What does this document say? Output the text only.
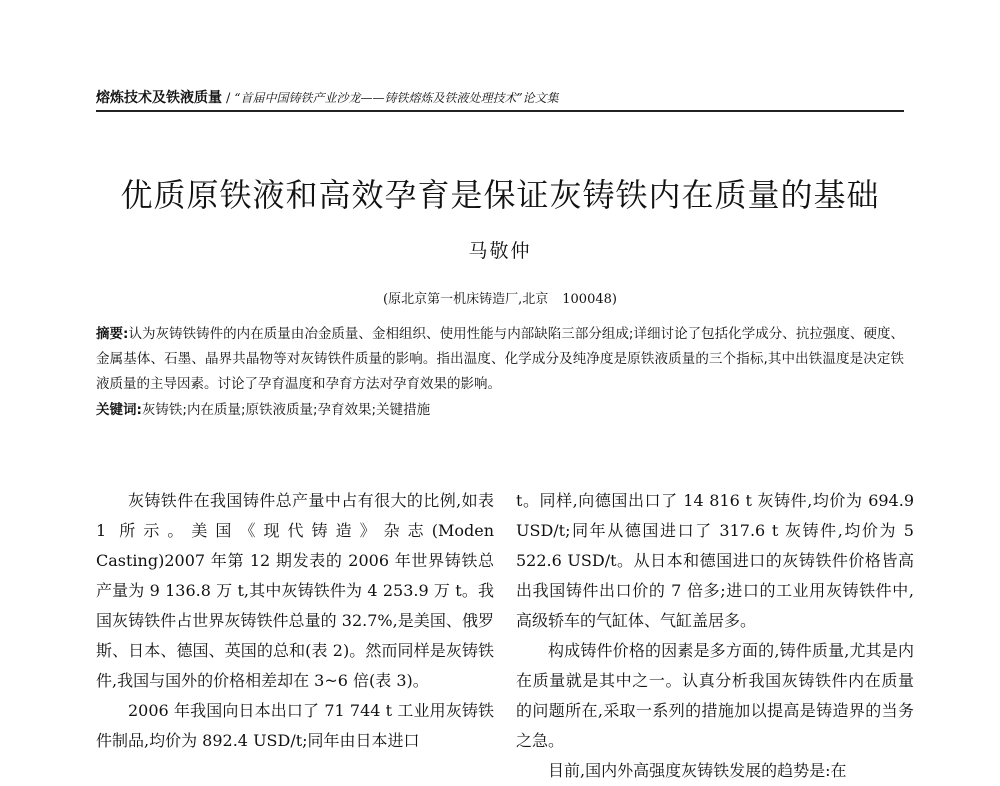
熔炼技术及铁液质量 / “首届中国铸铁产业沙龙——铸铁熔炼及铁液处理技术”论文集
优质原铁液和高效孕育是保证灰铸铁内在质量的基础
马敬仲
(原北京第一机床铸造厂,北京 100048)
摘要:认为灰铸铁铸件的内在质量由冶金质量、金相组织、使用性能与内部缺陷三部分组成;详细讨论了包括化学成分、抗拉强度、硬度、金属基体、石墨、晶界共晶物等对灰铸铁件质量的影响。指出温度、化学成分及纯净度是原铁液质量的三个指标,其中出铁温度是决定铁液质量的主导因素。讨论了孕育温度和孕育方法对孕育效果的影响。
关键词:灰铸铁;内在质量;原铁液质量;孕育效果;关键措施

灰铸铁件在我国铸件总产量中占有很大的比例,如表 1 所示。美国《现代铸造》杂志(Moden Casting)2007 年第 12 期发表的 2006 年世界铸铁总产量为 9 136.8 万 t,其中灰铸铁件为 4 253.9 万 t。我国灰铸铁件占世界灰铸铁件总量的 32.7%,是美国、俄罗斯、日本、德国、英国的总和(表 2)。然而同样是灰铸铁件,我国与国外的价格相差却在 3~6 倍(表 3)。

2006 年我国向日本出口了 71 744 t 工业用灰铸铁件制品,均价为 892.4 USD/t;同年由日本进口

t。同样,向德国出口了 14 816 t 灰铸件,均价为 694.9 USD/t;同年从德国进口了 317.6 t 灰铸件,均价为 5 522.6 USD/t。从日本和德国进口的灰铸铁件价格皆高出我国铸件出口价的 7 倍多;进口的工业用灰铸铁件中,高级轿车的气缸体、气缸盖居多。

构成铸件价格的因素是多方面的,铸件质量,尤其是内在质量就是其中之一。认真分析我国灰铸铁件内在质量的问题所在,采取一系列的措施加以提高是铸造界的当务之急。

目前,国内外高强度灰铸铁发展的趋势是:在
